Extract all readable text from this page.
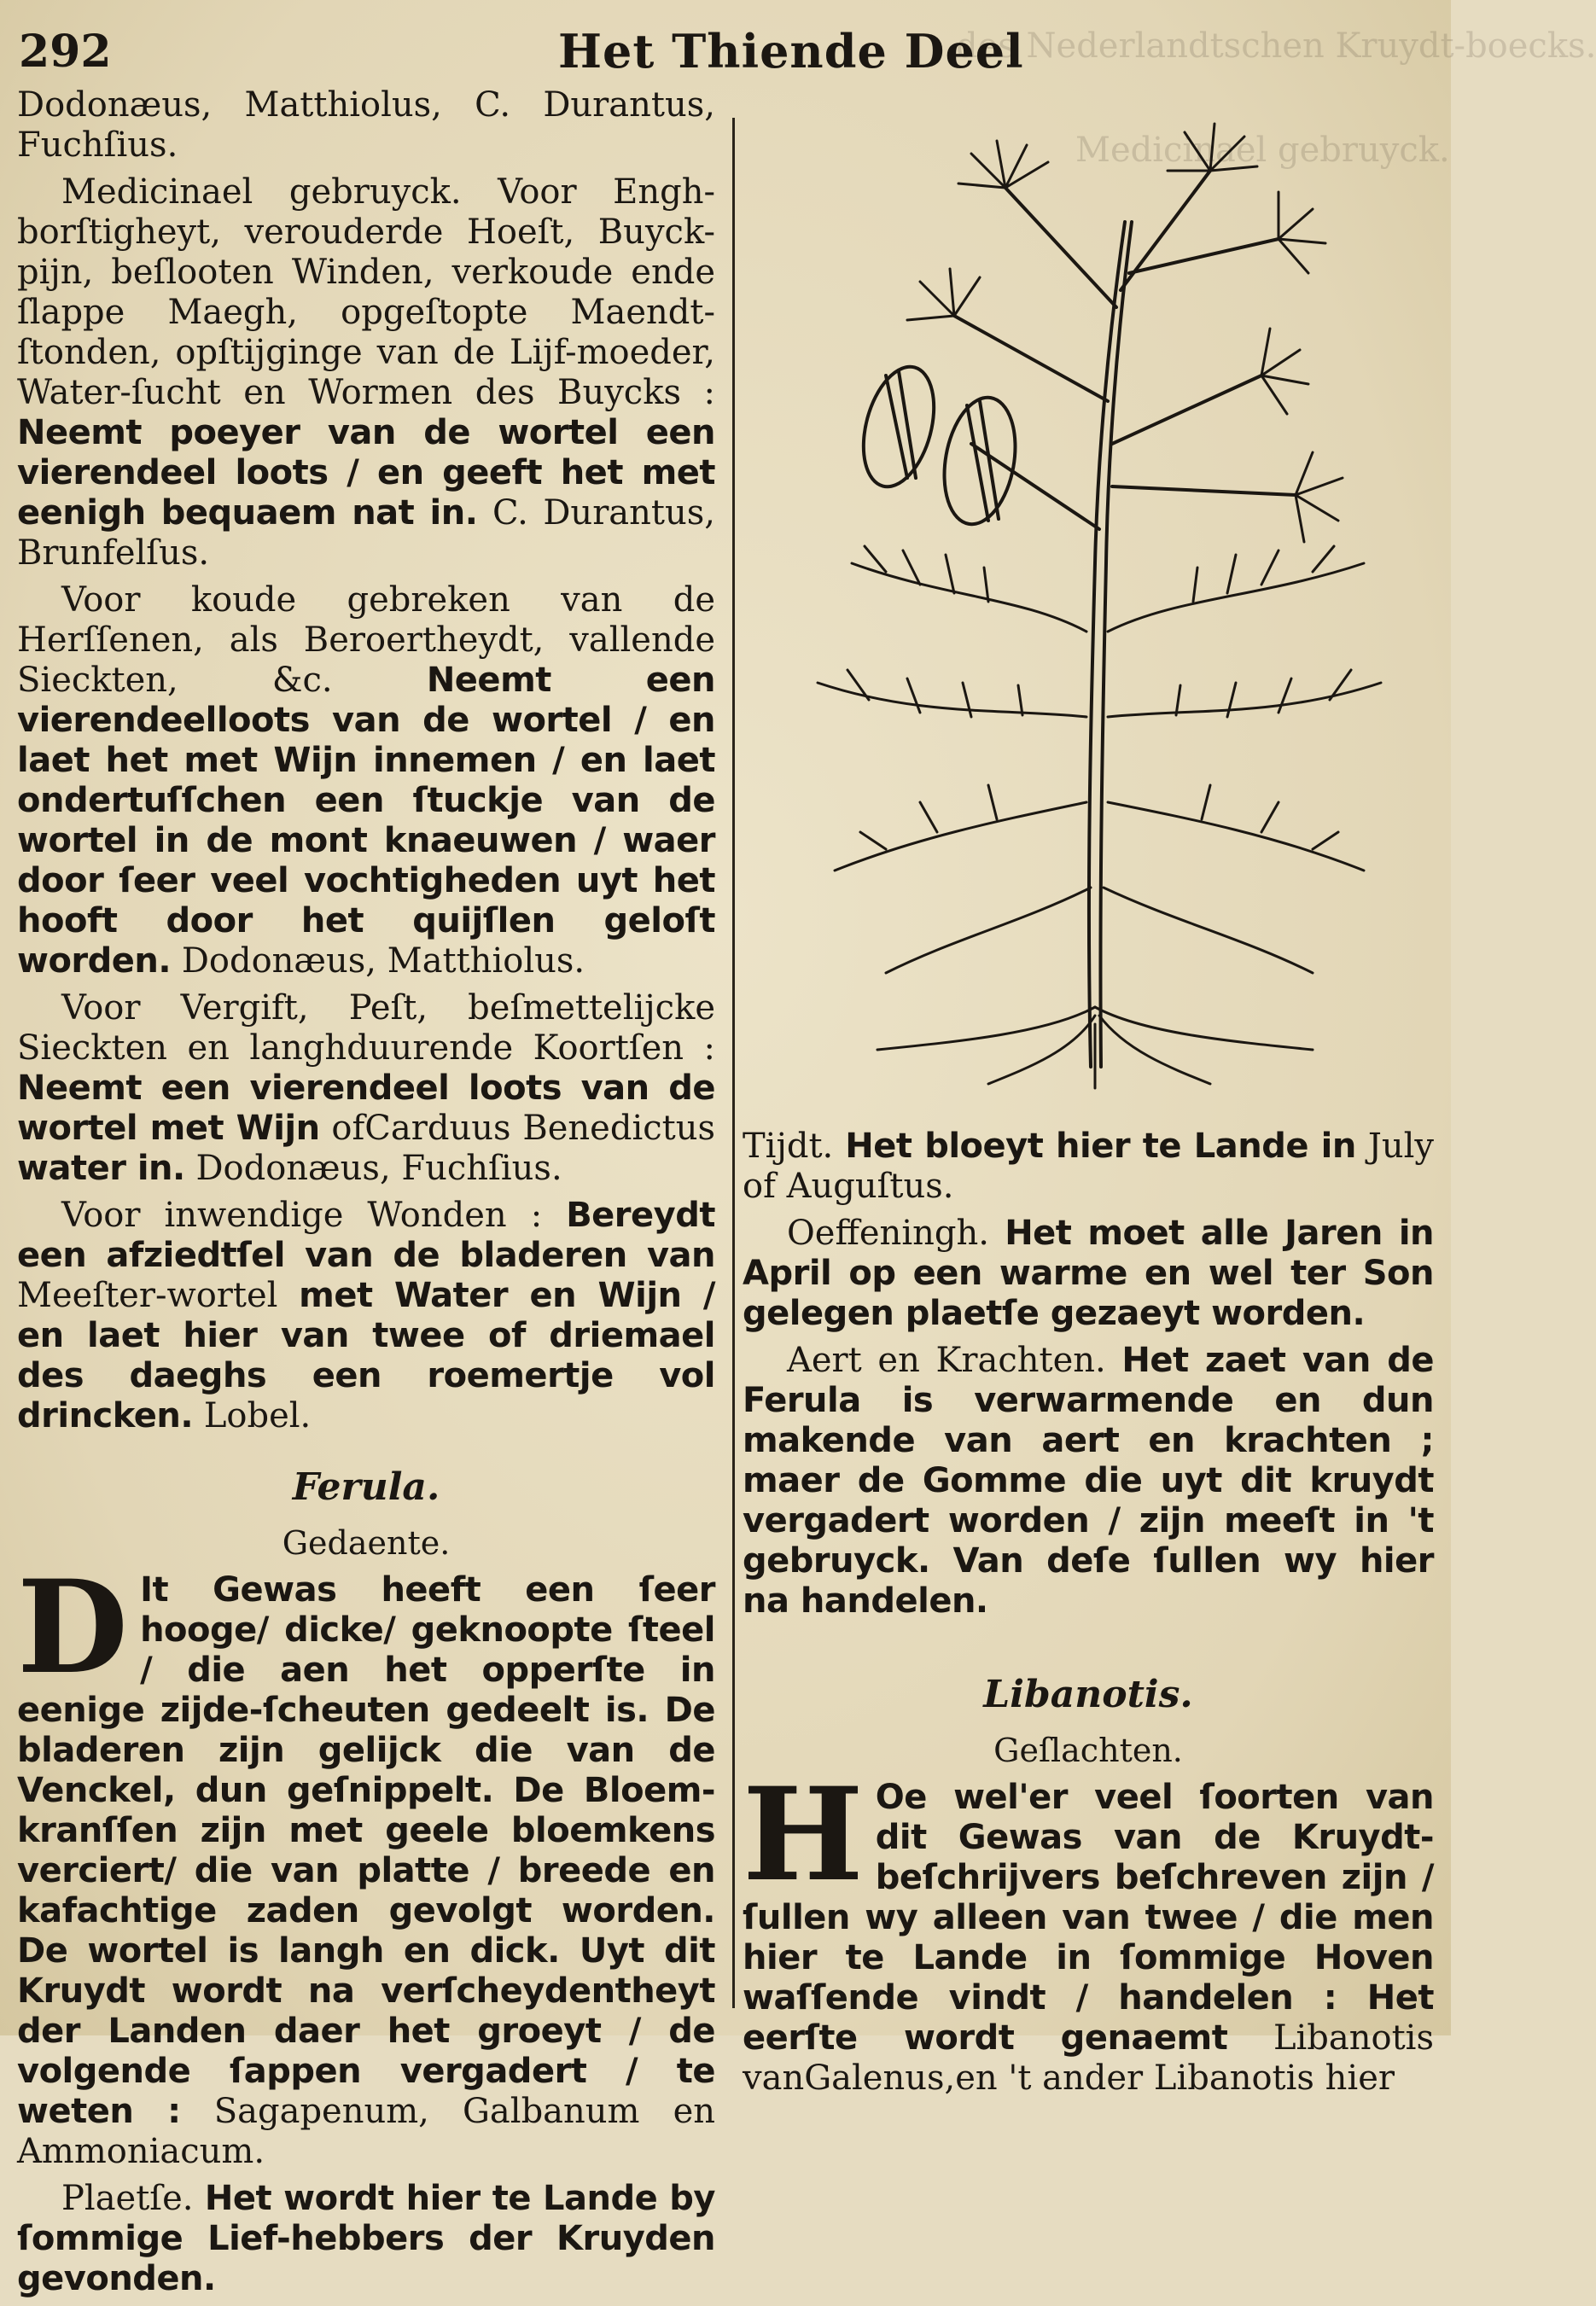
Kruydt-boecks.
292	Het Thiende Deel

Dodonæus, Matthiolus, C. Durantus, Fuchſius.

Medicinael gebruyck. Voor Engh-borſtigheyt, verouderde Hoeſt, Buyck-pijn, beſlooten Winden, verkoude ende ſlappe Maegh, opgeſtopte Maendt-ſtonden, opſtijginge van de Lijf-moeder, Water-ſucht en Wormen des Buycks : Neemt poeyer van de wortel een vierendeel loots / en geeft het met eenigh bequaem nat in. C. Durantus, Brunfelſus.

Voor koude gebreken van de Herſſenen, als Beroertheydt, vallende Sieckten, &c.	Neemt een vierendeelloots van de wortel / en laet het met Wijn innemen / en laet ondertuſſchen een ſtuckje van de wortel in de mont knaeuwen / waer door ſeer veel vochtigheden uyt het hooft door het quijſlen geloſt worden. Dodonæus, Matthiolus.

Voor Vergift, Peſt, beſmettelijcke Sieckten en langhduurende Koortſen : Neemt een vierendeel loots van de wortel met Wijn ofCarduus Benedictus water in. Dodonæus, Fuchſius.

Voor inwendige Wonden : Bereydt een afziedtſel van de bladeren van Meeſter-wortel met Water en Wijn / en laet hier van twee of driemael des daeghs een roemertje vol drincken. Lobel.

Ferula.
Gedaente.

D It Gewas heeft een ſeer hooge/ dicke/ geknoopte ſteel / die aen het opperſte in eenige zijde-ſcheuten gedeelt is. De bladeren zijn gelijck die van de Venckel, dun geſnippelt. De Bloem-kranſſen zijn met geele bloemkens verciert/ die van platte / breede en kafachtige zaden gevolgt worden. De wortel is langh en dick. Uyt dit Kruydt wordt na verſcheydentheyt der Landen daer het groeyt / de volgende ſappen vergadert / te weten : Sagapenum, Galbanum en Ammoniacum.

Plaetſe. Het wordt hier te Lande by ſommige Lief-hebbers der Kruyden gevonden.

Tijdt. Het bloeyt hier te Lande in July of Auguſtus.

Oeffeningh. Het moet alle Jaren in April op een warme en wel ter Son gelegen plaetſe gezaeyt worden.

Aert en Krachten. Het zaet van de Ferula is verwarmende en dun makende van aert en krachten ; maer de Gomme die uyt dit kruydt vergadert worden / zijn meeſt in 't gebruyck. Van deſe ſullen wy hier na handelen.

Libanotis.
Geſlachten.

H Oe wel'er veel ſoorten van dit Gewas van de Kruydt-beſchrijvers beſchreven zijn / ſullen wy alleen van twee / die men hier te Lande in ſommige Hoven waſſende vindt / handelen : Het eerſte wordt genaemt Libanotis vanGalenus,en 't ander Libanotis hier
